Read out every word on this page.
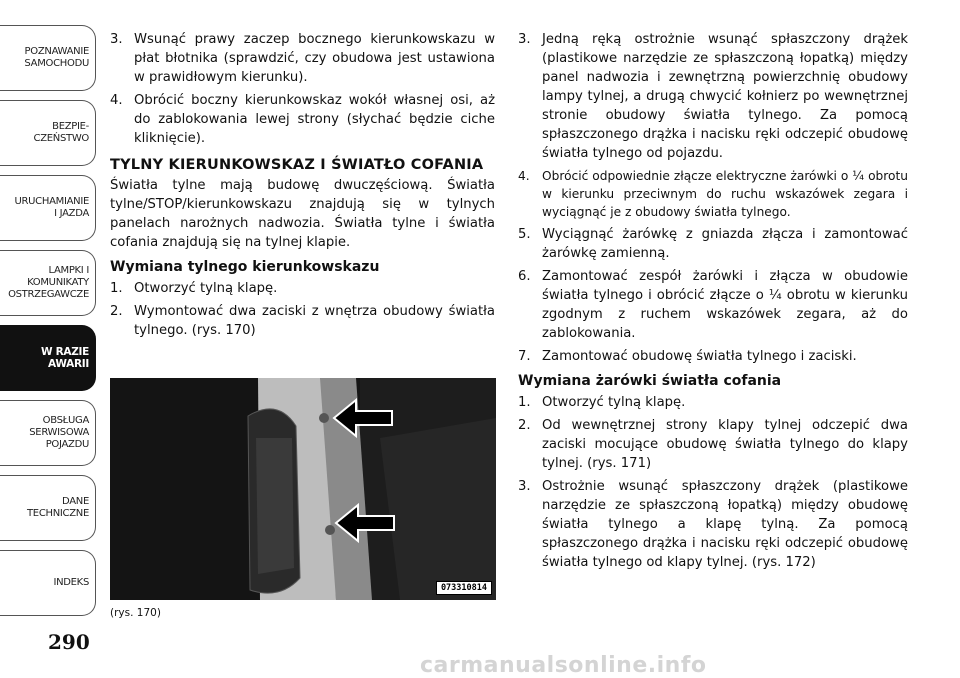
POZNAWANIE
SAMOCHODU
BEZPIE-
CZEŃSTWO
URUCHAMIANIE
I JAZDA
LAMPKI I
KOMUNIKATY
OSTRZEGAWCZE
W RAZIE
AWARII
OBSŁUGA
SERWISOWA
POJAZDU
DANE
TECHNICZNE
INDEKS
290
3. Wsunąć prawy zaczep bocznego kierunkowskazu w płat błotnika (sprawdzić, czy obudowa jest ustawiona w prawidłowym kierunku).
4. Obrócić boczny kierunkowskaz wokół własnej osi, aż do zablokowania lewej strony (słychać będzie ciche kliknięcie).
TYLNY KIERUNKOWSKAZ I ŚWIATŁO COFANIA
Światła tylne mają budowę dwuczęściową. Światła tylne/STOP/kierunkowskazu znajdują się w tylnych panelach narożnych nadwozia. Światła tylne i światła cofania znajdują się na tylnej klapie.
Wymiana tylnego kierunkowskazu
1. Otworzyć tylną klapę.
2. Wymontować dwa zaciski z wnętrza obudowy światła tylnego. (rys. 170)
073310814
(rys. 170)
3. Jedną ręką ostrożnie wsunąć spłaszczony drążek (plastikowe narzędzie ze spłaszczoną łopatką) między panel nadwozia i zewnętrzną powierzchnię obudowy lampy tylnej, a drugą chwycić kołnierz po wewnętrznej stronie obudowy światła tylnego. Za pomocą spłaszczonego drążka i nacisku ręki odczepić obudowę światła tylnego od pojazdu.
4. Obrócić odpowiednie złącze elektryczne żarówki o ¼ obrotu w kierunku przeciwnym do ruchu wskazówek zegara i wyciągnąć je z obudowy światła tylnego.
5. Wyciągnąć żarówkę z gniazda złącza i zamontować żarówkę zamienną.
6. Zamontować zespół żarówki i złącza w obudowie światła tylnego i obrócić złącze o ¼ obrotu w kierunku zgodnym z ruchem wskazówek zegara, aż do zablokowania.
7. Zamontować obudowę światła tylnego i zaciski.
Wymiana żarówki światła cofania
1. Otworzyć tylną klapę.
2. Od wewnętrznej strony klapy tylnej odczepić dwa zaciski mocujące obudowę światła tylnego do klapy tylnej. (rys. 171)
3. Ostrożnie wsunąć spłaszczony drążek (plastikowe narzędzie ze spłaszczoną łopatką) między obudowę światła tylnego a klapę tylną. Za pomocą spłaszczonego drążka i nacisku ręki odczepić obudowę światła tylnego od klapy tylnej. (rys. 172)
carmanualsonline.info
